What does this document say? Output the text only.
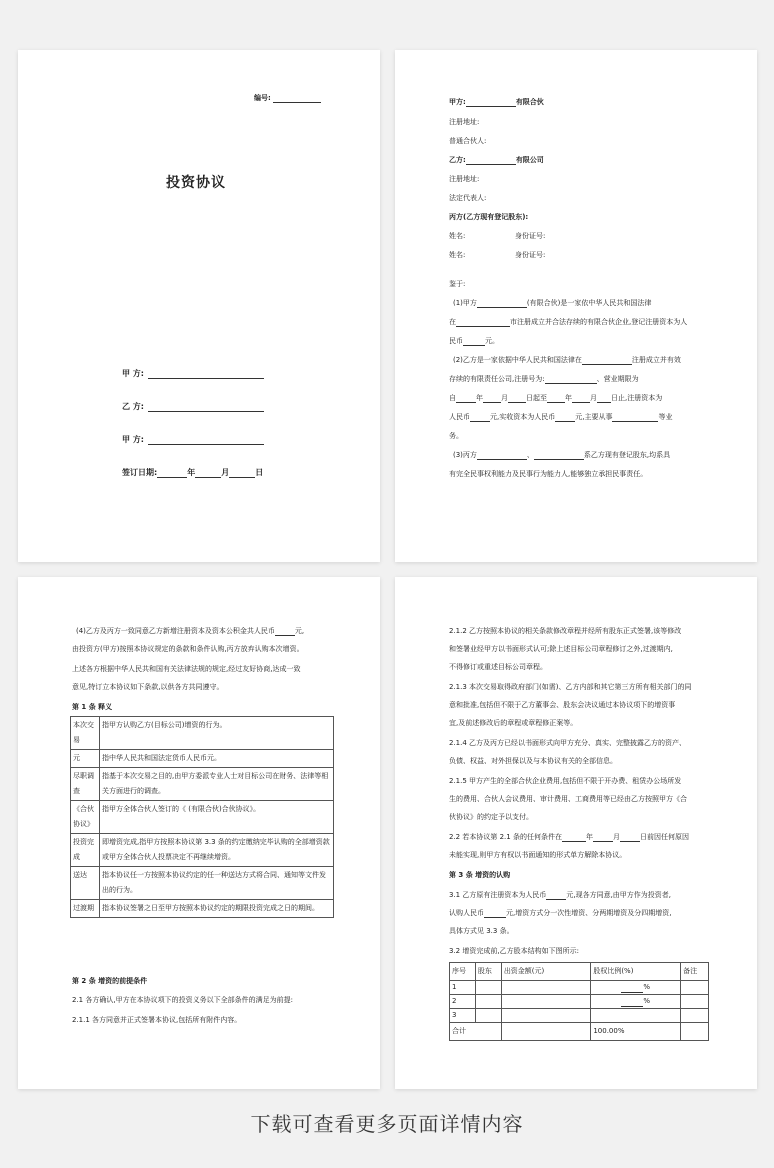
编号:
投资协议
甲 方:
乙 方:
甲 方:
签订日期:	年	月	日
甲方:	有限合伙
注册地址:
普通合伙人:
乙方:	有限公司
注册地址:
法定代表人:
丙方(乙方现有登记股东):
姓名:	身份证号:
姓名:	身份证号:
鉴于:
(1)甲方	(有限合伙)是一家依中华人民共和国法律
在	市注册成立并合法存续的有限合伙企业,登记注册资本为人
民币	元。
(2)乙方是一家依据中华人民共和国法律在	注册成立并有效
存续的有限责任公司,注册号为:	、营业期限为
自	年	月	日起至	年	月 日止,注册资本为
人民币	元,实收资本为人民币	元,主要从事	等业
务。
(3)丙方	、	系乙方现有登记股东,均系具
有完全民事权利能力及民事行为能力人,能够独立承担民事责任。
(4)乙方及丙方一致同意乙方新增注册资本及资本公积金共人民币	元,
由投资方(甲方)按照本协议规定的条款和条件认购,丙方放弃认购本次增资。
上述各方根据中华人民共和国有关法律法规的规定,经过友好协商,达成一致
意见,特订立本协议如下条款,以供各方共同遵守。
第 1 条 释义
本次交易	指甲方认购乙方(目标公司)增资的行为。
元	指中华人民共和国法定货币人民币元。
尽职调查	指基于本次交易之目的,由甲方委派专业人士对目标公司在财务、法律等相关方面进行的调查。
《合伙协议》	指甲方全体合伙人签订的《 (有限合伙)合伙协议》。
投资完成	即增资完成,指甲方按照本协议第 3.3 条的约定缴纳完毕认购的全部增资款或甲方全体合伙人投票决定不再继续增资。
送达	指本协议任一方按照本协议约定的任一种送达方式将合同、通知等文件发出的行为。
过渡期	指本协议签署之日至甲方按照本协议约定的期限投资完成之日的期间。
第 2 条 增资的前提条件
2.1 各方确认,甲方在本协议项下的投资义务以下全部条件的满足为前提:
2.1.1 各方同意并正式签署本协议,包括所有附件内容。
2.1.2 乙方按照本协议的相关条款修改章程并经所有股东正式签署,该等修改
和签署业经甲方以书面形式认可;除上述目标公司章程修订之外,过渡期内,
不得修订或重述目标公司章程。
2.1.3 本次交易取得政府部门(如需)、乙方内部和其它第三方所有相关部门的同
意和批准,包括但不限于乙方董事会、股东会决议通过本协议项下的增资事
宜,及前述修改后的章程或章程修正案等。
2.1.4 乙方及丙方已经以书面形式向甲方充分、真实、完整披露乙方的资产、
负债、权益、对外担保以及与本协议有关的全部信息。
2.1.5 甲方产生的全部合伙企业费用,包括但不限于开办费、租赁办公场所发
生的费用、合伙人会议费用、审计费用、工商费用等已经由乙方按照甲方《合
伙协议》的约定予以支付。
2.2 若本协议第 2.1 条的任何条件在	年	月	日前因任何原因
未能实现,则甲方有权以书面通知的形式单方解除本协议。
第 3 条 增资的认购
3.1 乙方原有注册资本为人民币	元,现各方同意,由甲方作为投资者,
认购人民币	元,增资方式分一次性增资、分两期增资及分四期增资,
具体方式见 3.3 条。
3.2 增资完成前,乙方股本结构如下图所示:
序号	股东	出资金额(元)	股权比例(%)	备注
1			%	
2			%	
3				
合计			100.00%	
下载可查看更多页面详情内容
